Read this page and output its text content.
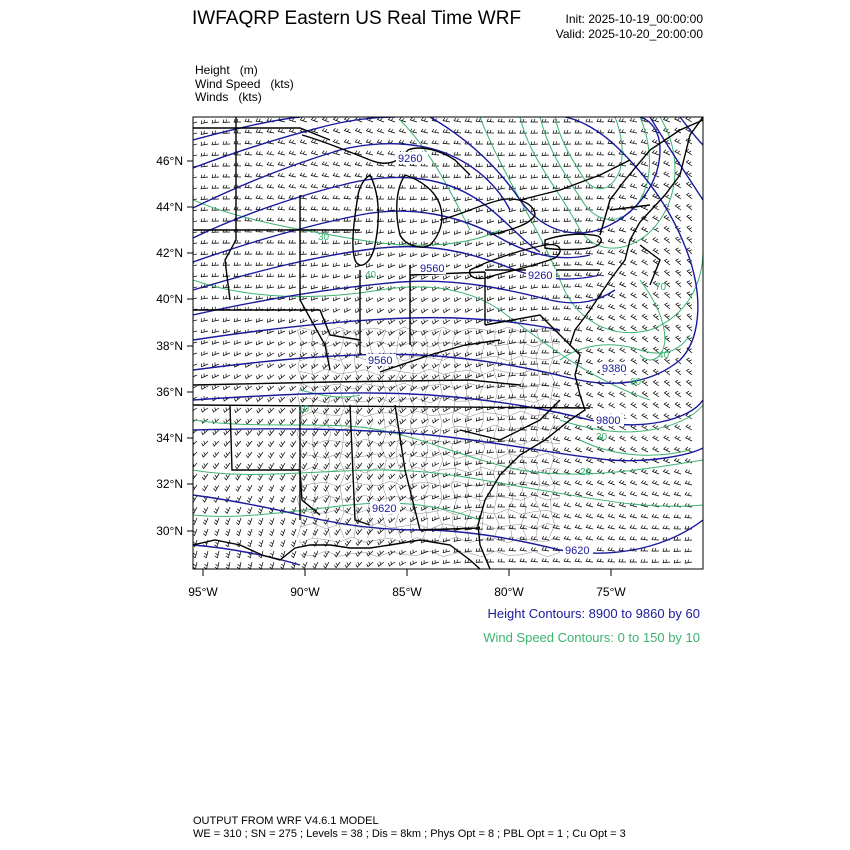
IWFAQRP Eastern US Real Time WRF	Init: 2025-10-19_00:00:00
Valid: 2025-10-20_20:00:00
Height (m)
Wind Speed (kts)
Winds (kts)
46°N
44°N
42°N
40°N
38°N
36°N
34°N
32°N
30°N
95°W	90°W	85°W	80°W	75°W
9260
9560
9260
9560
9380
9800
9620
9620
30
40
10
20
60
70
30
40
Height Contours: 8900 to 9860 by 60
Wind Speed Contours: 0 to 150 by 10
OUTPUT FROM WRF V4.6.1 MODEL
WE = 310 ; SN = 275 ; Levels = 38 ; Dis = 8km ; Phys Opt = 8 ; PBL Opt = 1 ; Cu Opt = 3
